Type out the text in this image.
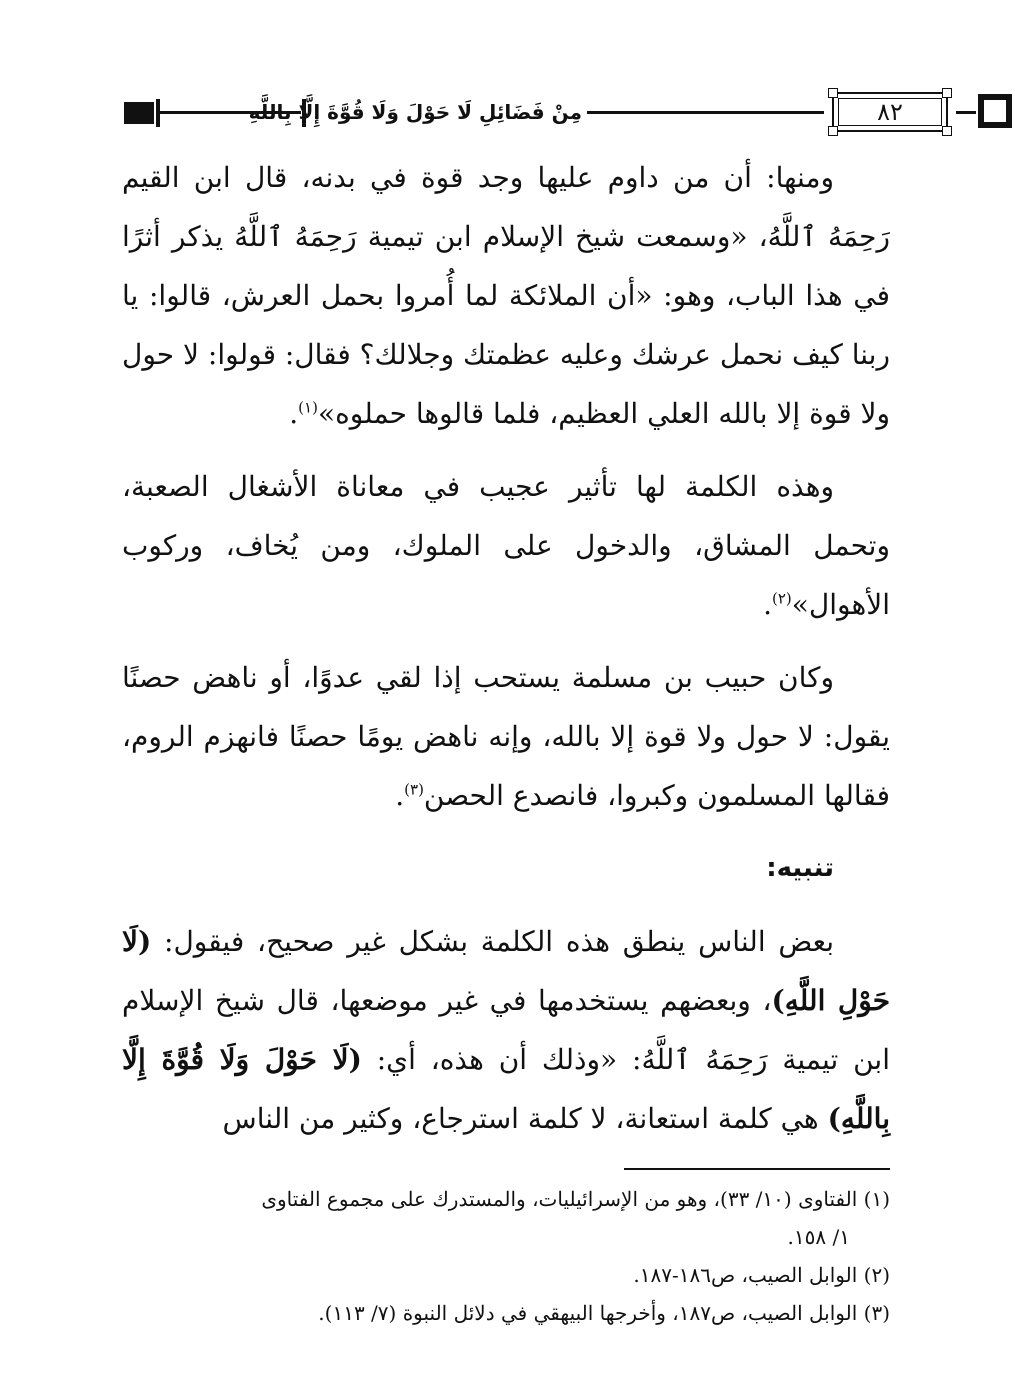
مِنْ فَضَائِلِ لَا حَوْلَ وَلَا قُوَّةَ إِلَّا بِاللَّهِ	٨٢

ومنها: أن من داوم عليها وجد قوة في بدنه، قال ابن القيم رَحِمَهُ ٱللَّهُ، «وسمعت شيخ الإسلام ابن تيمية رَحِمَهُ ٱللَّهُ يذكر أثرًا في هذا الباب، وهو: «أن الملائكة لما أُمروا بحمل العرش، قالوا: يا ربنا كيف نحمل عرشك وعليه عظمتك وجلالك؟ فقال: قولوا: لا حول ولا قوة إلا بالله العلي العظيم، فلما قالوها حملوه»$^{(١)}$.

وهذه الكلمة لها تأثير عجيب في معاناة الأشغال الصعبة، وتحمل المشاق، والدخول على الملوك، ومن يُخاف، وركوب الأهوال»$^{(٢)}$.

وكان حبيب بن مسلمة يستحب إذا لقي عدوًا، أو ناهض حصنًا يقول: لا حول ولا قوة إلا بالله، وإنه ناهض يومًا حصنًا فانهزم الروم، فقالها المسلمون وكبروا، فانصدع الحصن$^{(٣)}$.

تنبيه:

بعض الناس ينطق هذه الكلمة بشكل غير صحيح، فيقول: (لَا حَوْلِ اللَّهِ)، وبعضهم يستخدمها في غير موضعها، قال شيخ الإسلام ابن تيمية رَحِمَهُ ٱللَّهُ: «وذلك أن هذه، أي: (لَا حَوْلَ وَلَا قُوَّةَ إِلَّا بِاللَّهِ) هي كلمة استعانة، لا كلمة استرجاع، وكثير من الناس

(١) الفتاوى (١٠/ ٣٣)، وهو من الإسرائيليات، والمستدرك على مجموع الفتاوى
١/ ١٥٨.

(٢) الوابل الصيب، ص١٨٦-١٨٧.

(٣) الوابل الصيب، ص١٨٧، وأخرجها البيهقي في دلائل النبوة (٧/ ١١٣).
